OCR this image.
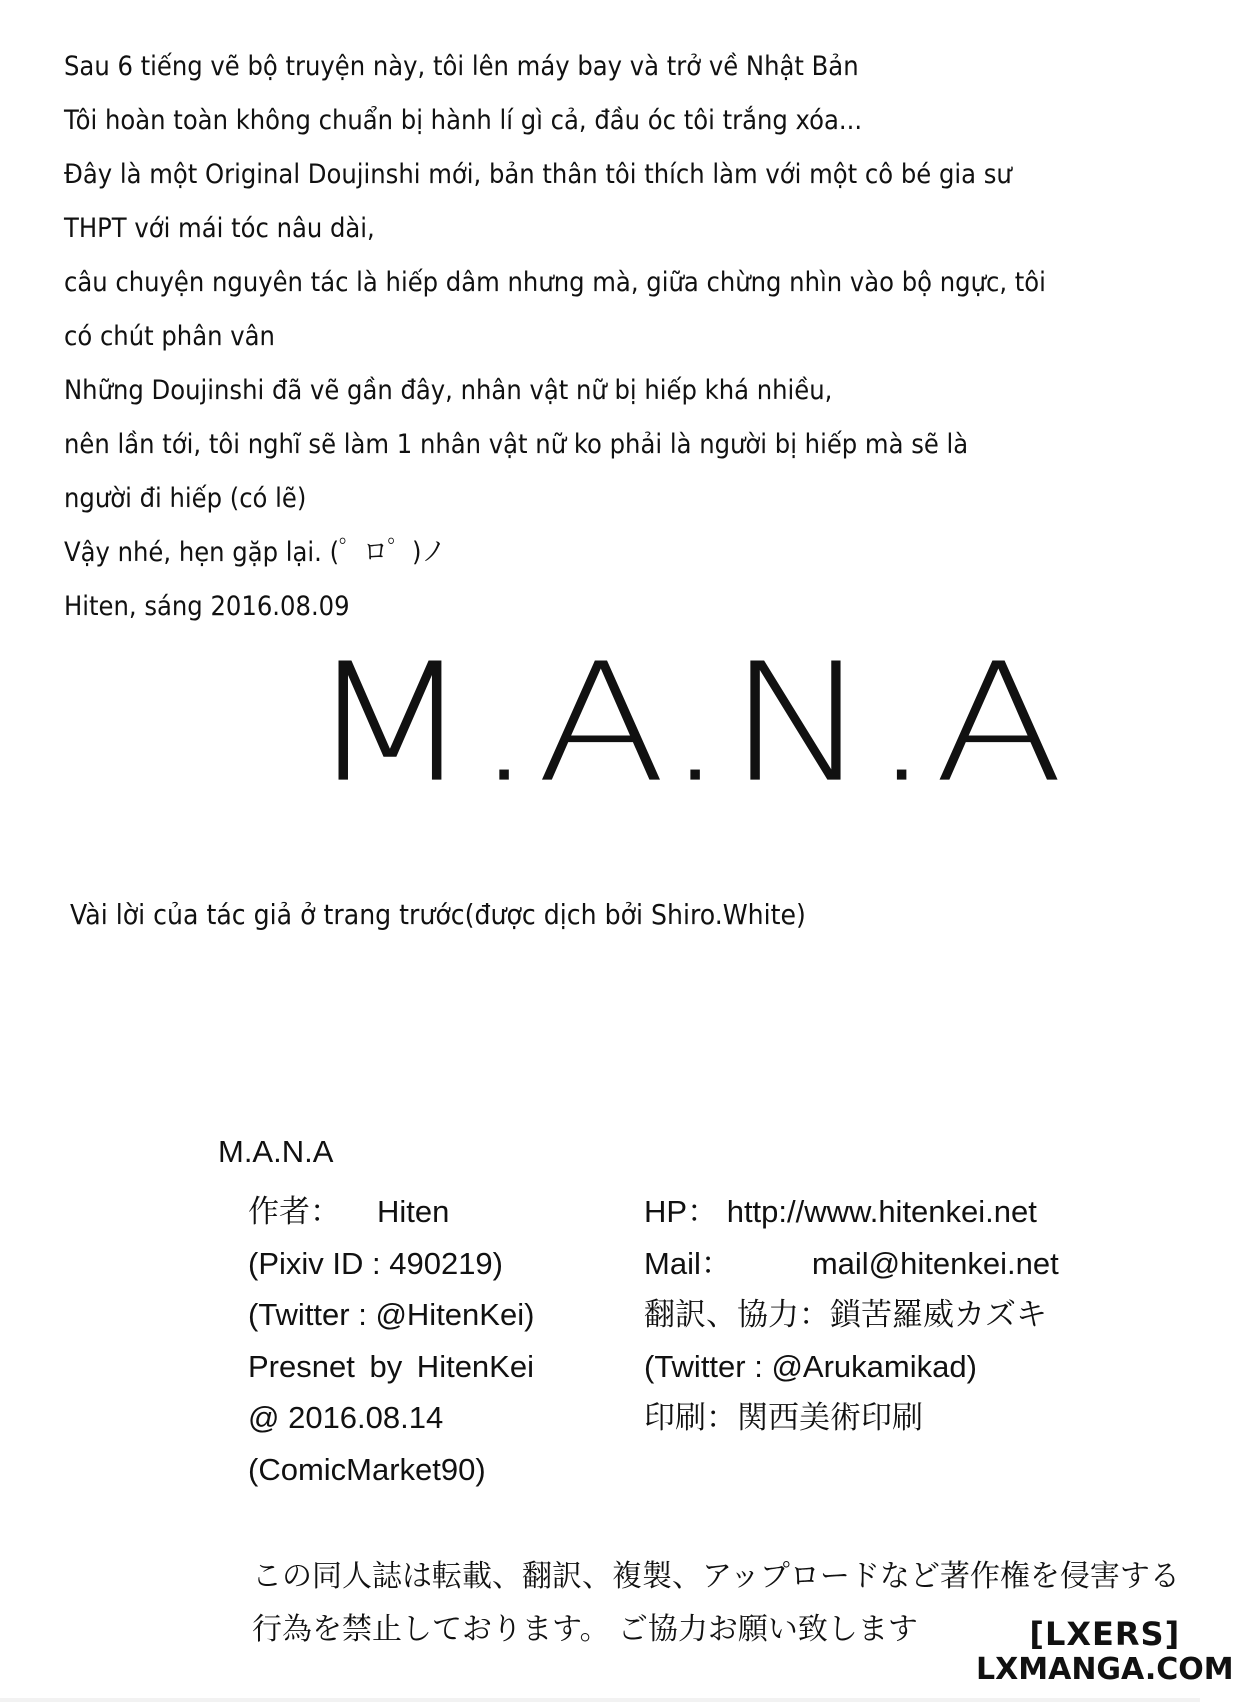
Sau 6 tiếng vẽ bộ truyện này, tôi lên máy bay và trở về Nhật Bản
Tôi hoàn toàn không chuẩn bị hành lí gì cả, đầu óc tôi trắng xóa...
Đây là một Original Doujinshi mới, bản thân tôi thích làm với một cô bé gia sư
THPT với mái tóc nâu dài,
câu chuyện nguyên tác là hiếp dâm nhưng mà, giữa chừng nhìn vào bộ ngực, tôi
có chút phân vân
Những Doujinshi đã vẽ gần đây, nhân vật nữ bị hiếp khá nhiều,
nên lần tới, tôi nghĩ sẽ làm 1 nhân vật nữ ko phải là người bị hiếp mà sẽ là
người đi hiếp (có lẽ)
Vậy nhé, hẹn gặp lại. (゜ロ゜)ノ
Hiten, sáng 2016.08.09
M.A.N.A
Vài lời của tác giả ở trang trước(được dịch bởi Shiro.White)
M.A.N.A
作者： Hiten
(Pixiv ID : 490219)
(Twitter : @HitenKei)
Presnet by HitenKei
@ 2016.08.14
(ComicMarket90)
HP： http://www.hitenkei.net
Mail：	mail@hitenkei.net
翻訳、協力：鎖苦羅威カズキ
(Twitter : @Arukamikad)
印刷：関西美術印刷
この同人誌は転載、翻訳、複製、アップロードなど著作権を侵害する
行為を禁止しております。 ご協力お願い致します	[LXERS]
LXMANGA.COM
